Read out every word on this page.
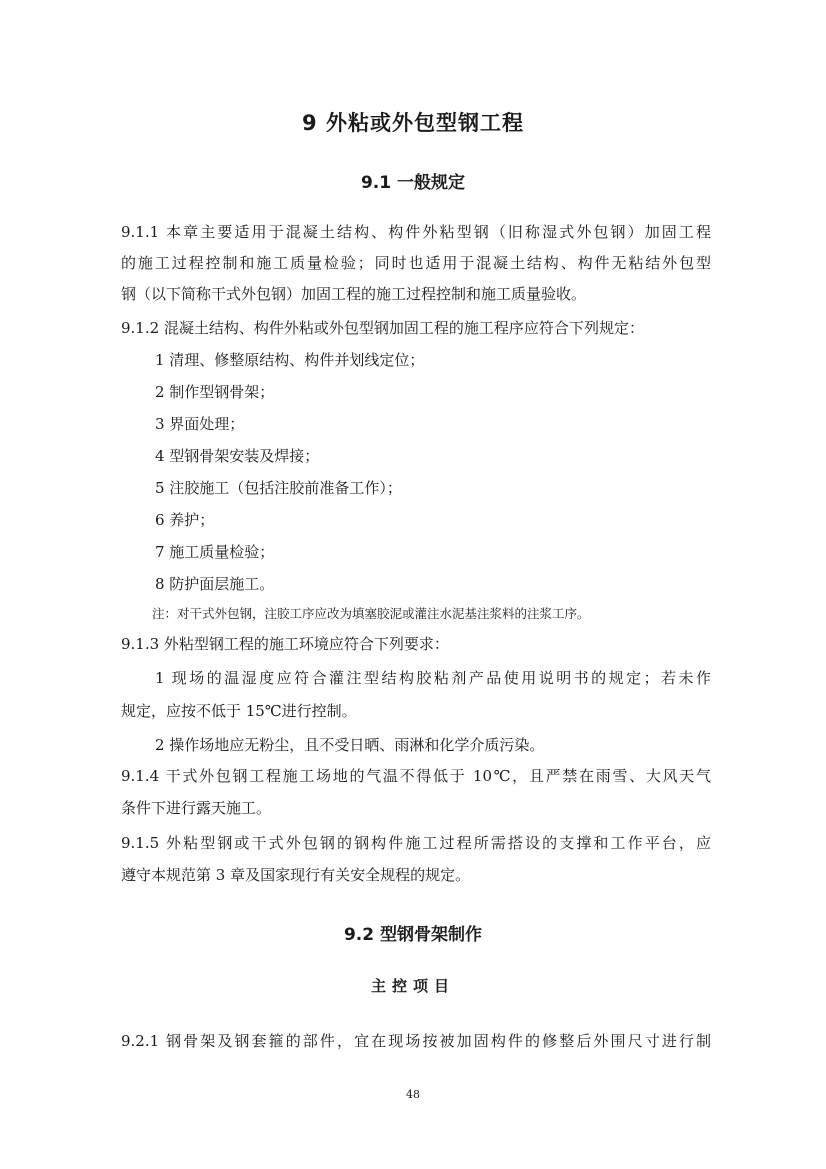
9 外粘或外包型钢工程
9.1 一般规定
9.1.1 本章主要适用于混凝土结构、构件外粘型钢（旧称湿式外包钢）加固工程
的施工过程控制和施工质量检验；同时也适用于混凝土结构、构件无粘结外包型
钢（以下简称干式外包钢）加固工程的施工过程控制和施工质量验收。
9.1.2 混凝土结构、构件外粘或外包型钢加固工程的施工程序应符合下列规定：
1 清理、修整原结构、构件并划线定位；
2 制作型钢骨架；
3 界面处理；
4 型钢骨架安装及焊接；
5 注胶施工（包括注胶前准备工作）；
6 养护；
7 施工质量检验；
8 防护面层施工。
注：对干式外包钢，注胶工序应改为填塞胶泥或灌注水泥基注浆料的注浆工序。
9.1.3 外粘型钢工程的施工环境应符合下列要求：
1 现场的温湿度应符合灌注型结构胶粘剂产品使用说明书的规定；若未作
规定，应按不低于 15℃进行控制。
2 操作场地应无粉尘，且不受日晒、雨淋和化学介质污染。
9.1.4 干式外包钢工程施工场地的气温不得低于 10℃，且严禁在雨雪、大风天气
条件下进行露天施工。
9.1.5 外粘型钢或干式外包钢的钢构件施工过程所需搭设的支撑和工作平台，应
遵守本规范第 3 章及国家现行有关安全规程的规定。
9.2 型钢骨架制作
主控项目
9.2.1 钢骨架及钢套箍的部件，宜在现场按被加固构件的修整后外围尺寸进行制
48
